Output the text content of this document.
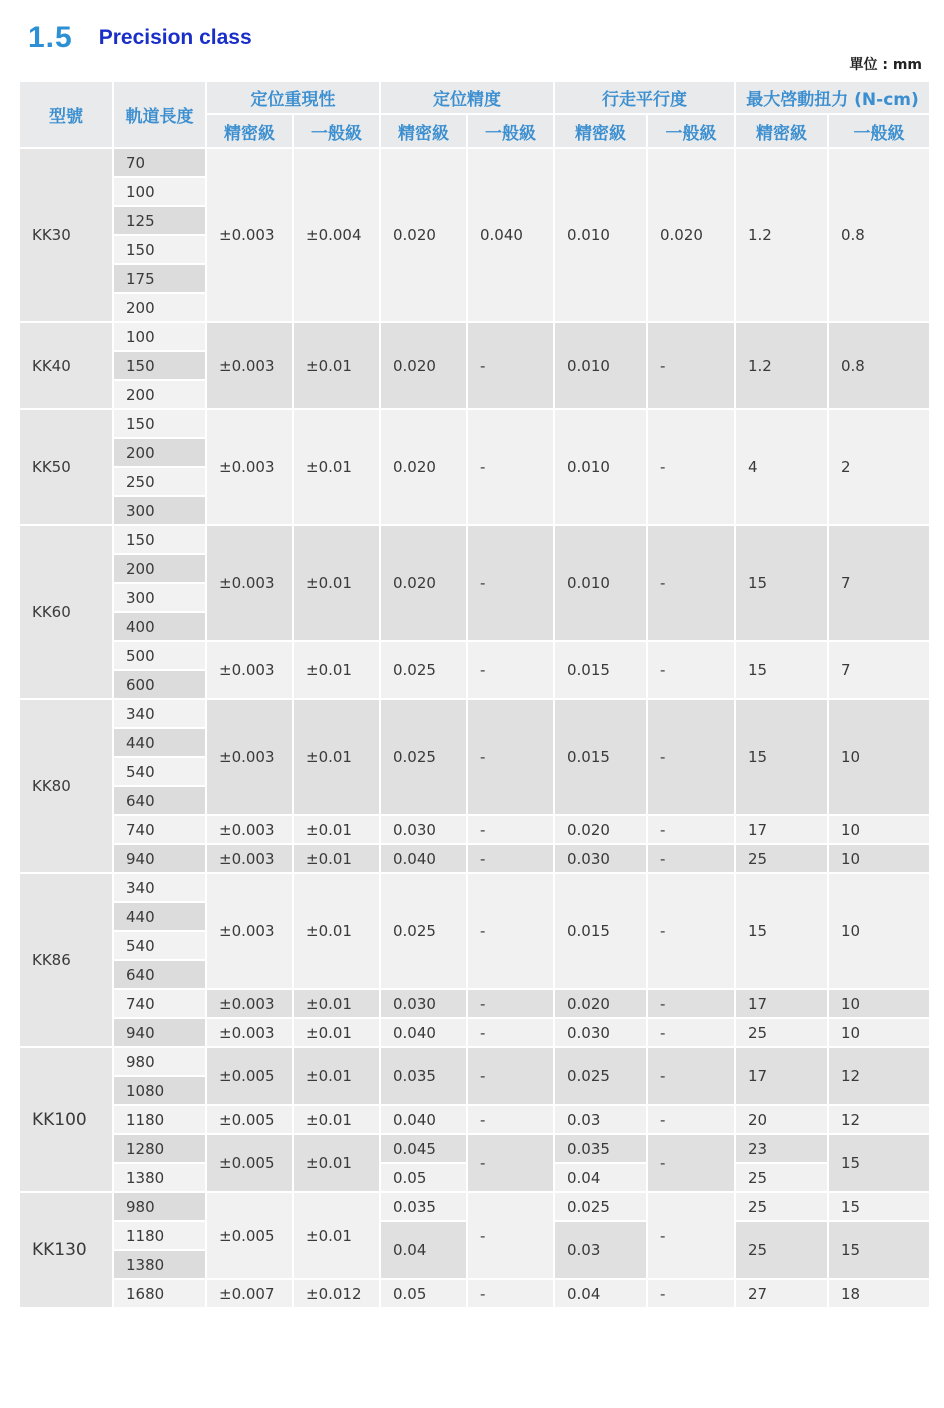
1.5 Precision class
單位 : mm
型號	軌道長度	定位重現性		定位精度		行走平行度		最大啓動扭力 (N-cm)	
		精密級	一般級	精密級	一般級	精密級	一般級	精密級	一般級
KK30	70	±0.003	±0.004	0.020	0.040	0.010	0.020	1.2	0.8
	100								
	125								
	150								
	175								
	200								
KK40	100	±0.003	±0.01	0.020	-	0.010	-	1.2	0.8
	150								
	200								
KK50	150	±0.003	±0.01	0.020	-	0.010	-	4	2
	200								
	250								
	300								
KK60	150	±0.003	±0.01	0.020	-	0.010	-	15	7
	200								
	300								
	400								
	500	±0.003	±0.01	0.025	-	0.015	-	15	7
	600								
KK80	340	±0.003	±0.01	0.025	-	0.015	-	15	10
	440								
	540								
	640								
	740	±0.003	±0.01	0.030	-	0.020	-	17	10
	940	±0.003	±0.01	0.040	-	0.030	-	25	10
KK86	340	±0.003	±0.01	0.025	-	0.015	-	15	10
	440								
	540								
	640								
	740	±0.003	±0.01	0.030	-	0.020	-	17	10
	940	±0.003	±0.01	0.040	-	0.030	-	25	10
KK100	980	±0.005	±0.01	0.035	-	0.025	-	17	12
	1080								
	1180	±0.005	±0.01	0.040	-	0.03	-	20	12
	1280	±0.005	±0.01	0.045	-	0.035	-	23	15
	1380			0.05		0.04		25	
KK130	980	±0.005	±0.01	0.035	-	0.025	-	25	15
	1180			0.04		0.03		25	15
	1380								
	1680	±0.007	±0.012	0.05	-	0.04	-	27	18
